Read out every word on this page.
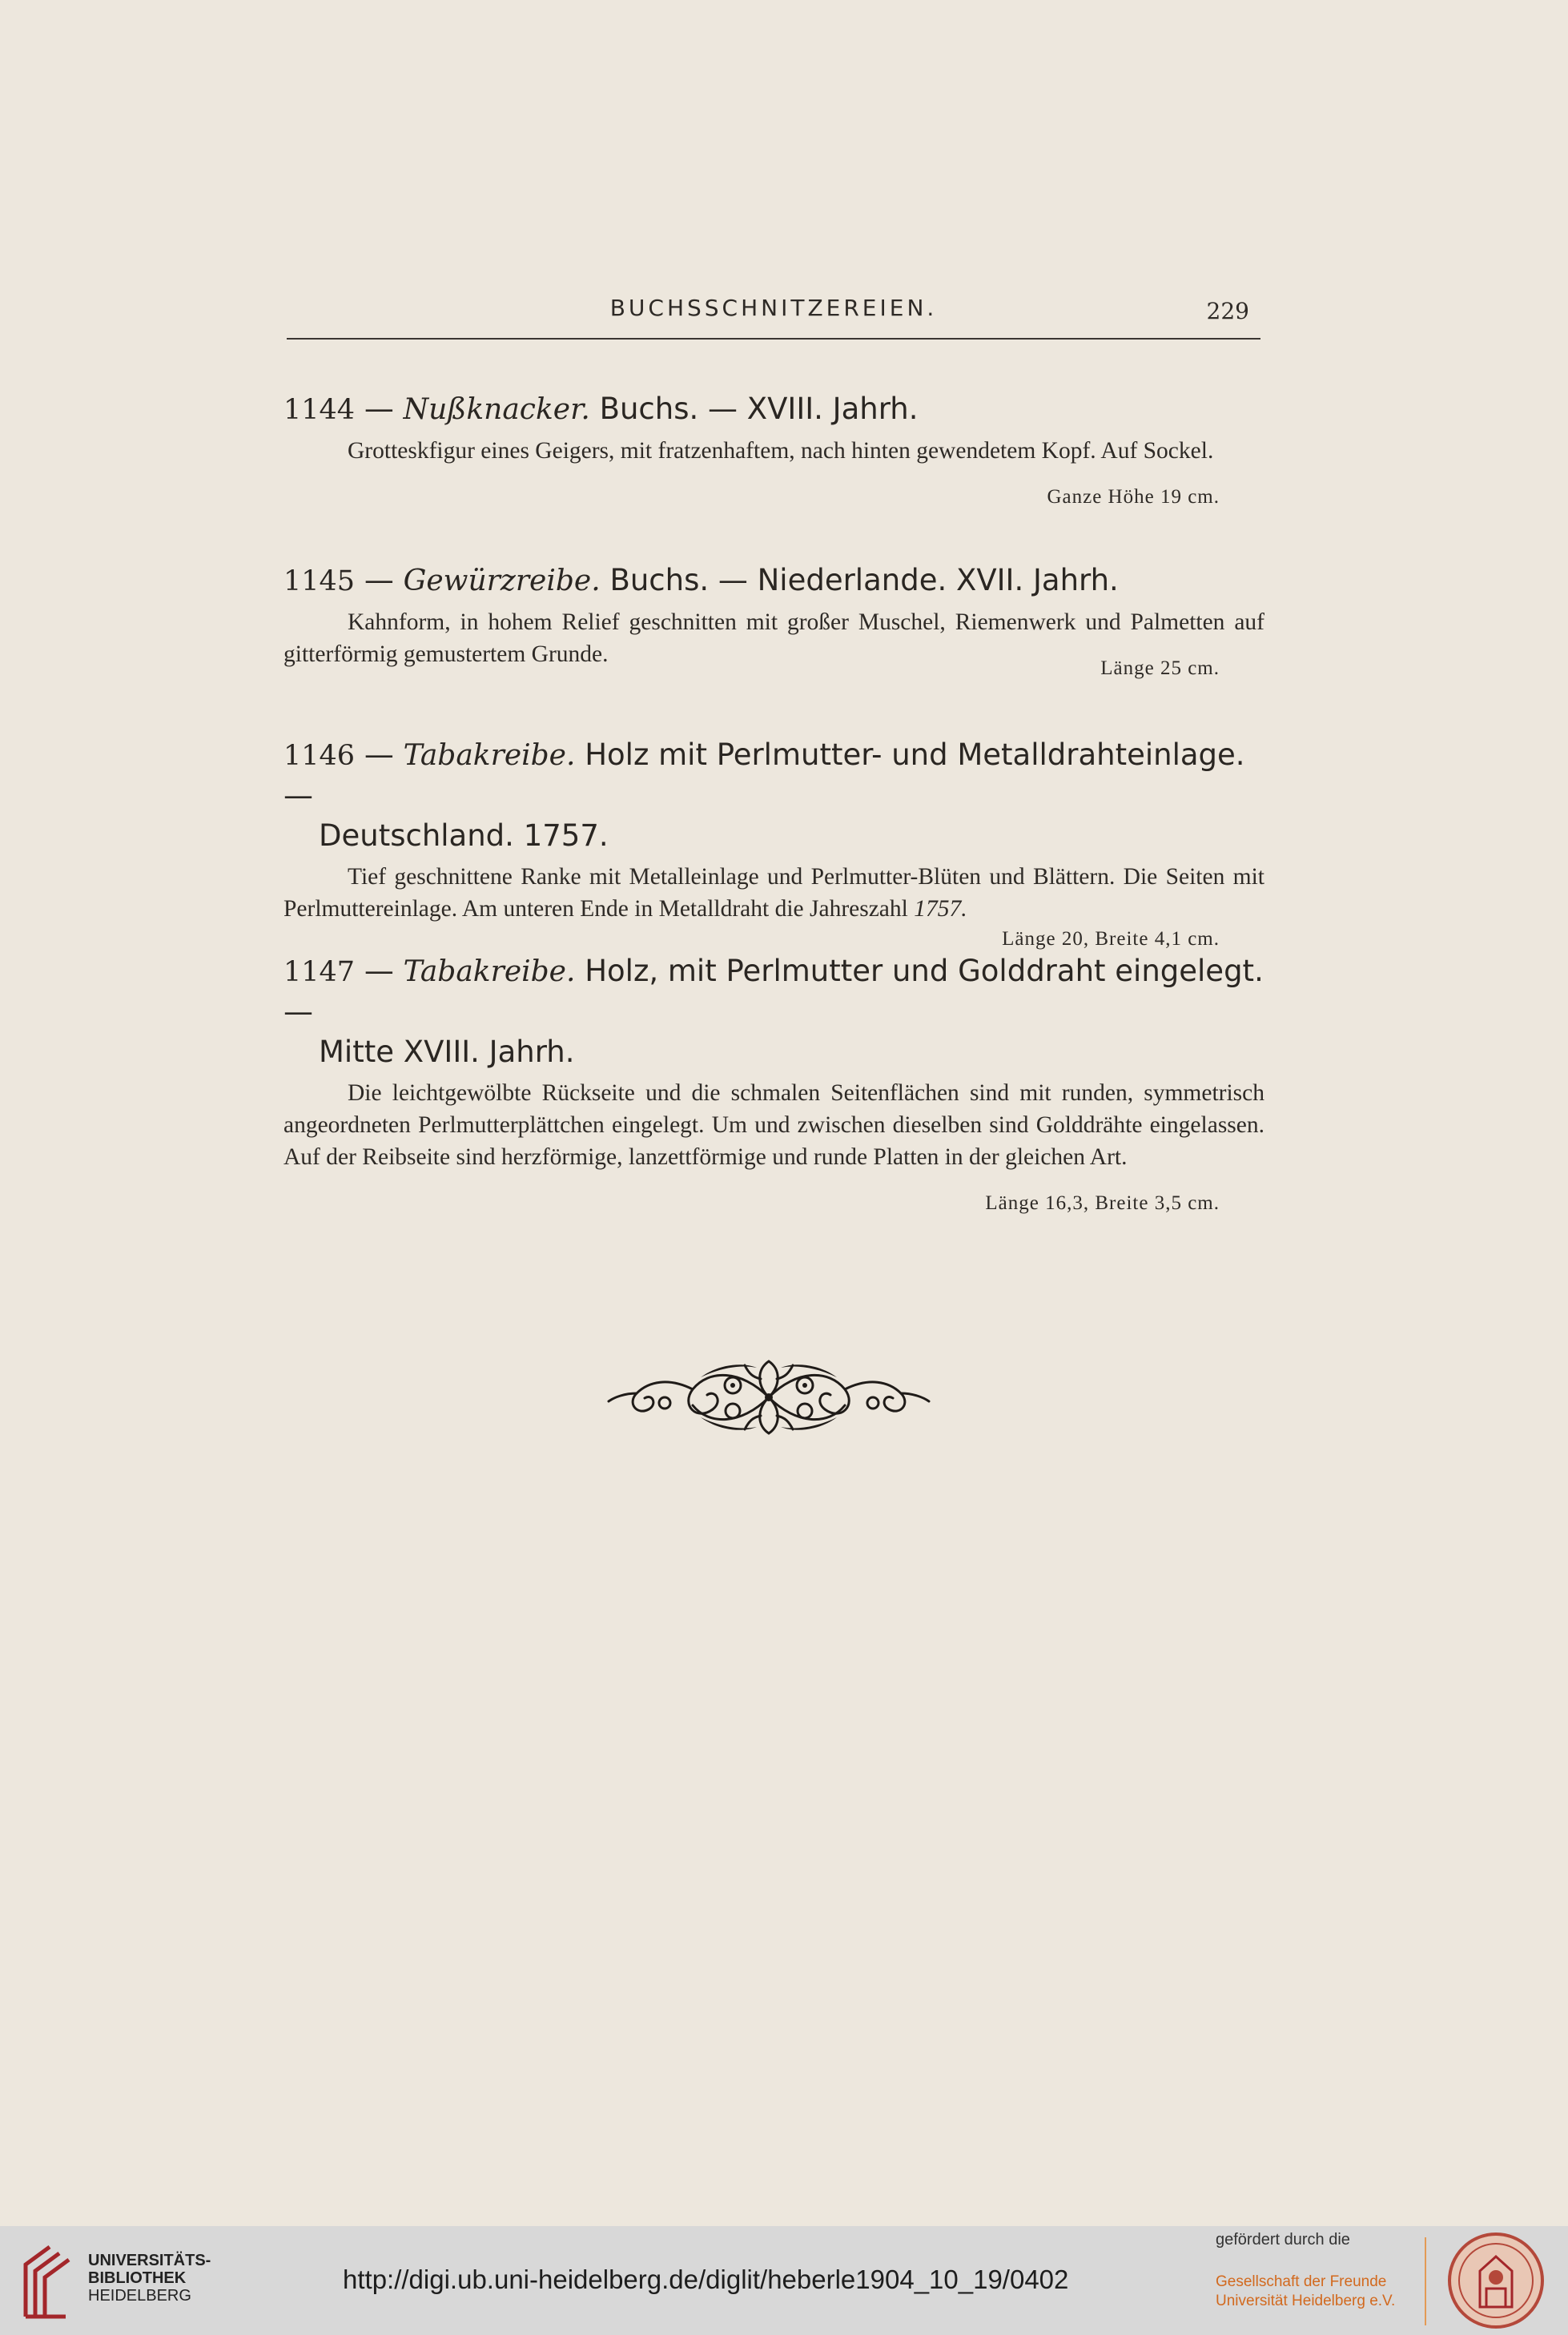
BUCHSSCHNITZEREIEN.	229
1144 — Nußknacker. Buchs. — XVIII. Jahrh.
Grotteskfigur eines Geigers, mit fratzenhaftem, nach hinten gewendetem Kopf. Auf Sockel.
Ganze Höhe 19 cm.
1145 — Gewürzreibe. Buchs. — Niederlande. XVII. Jahrh.
Kahnform, in hohem Relief geschnitten mit großer Muschel, Riemenwerk und Palmetten auf gitterförmig gemustertem Grunde.
Länge 25 cm.
1146 — Tabakreibe. Holz mit Perlmutter- und Metalldrahteinlage. —
Deutschland. 1757.
Tief geschnittene Ranke mit Metalleinlage und Perlmutter-Blüten und Blättern. Die Seiten mit Perlmuttereinlage. Am unteren Ende in Metalldraht die Jahreszahl 1757.
Länge 20, Breite 4,1 cm.
1147 — Tabakreibe. Holz, mit Perlmutter und Golddraht eingelegt. —
Mitte XVIII. Jahrh.
Die leichtgewölbte Rückseite und die schmalen Seitenflächen sind mit runden, symmetrisch angeordneten Perlmutterplättchen eingelegt. Um und zwischen dieselben sind Golddrähte eingelassen. Auf der Reibseite sind herzförmige, lanzettförmige und runde Platten in der gleichen Art.
Länge 16,3, Breite 3,5 cm.
UNIVERSITÄTS-
BIBLIOTHEK
HEIDELBERG
http://digi.ub.uni-heidelberg.de/diglit/heberle1904_10_19/0402
gefördert durch die
Gesellschaft der Freunde
Universität Heidelberg e.V.
